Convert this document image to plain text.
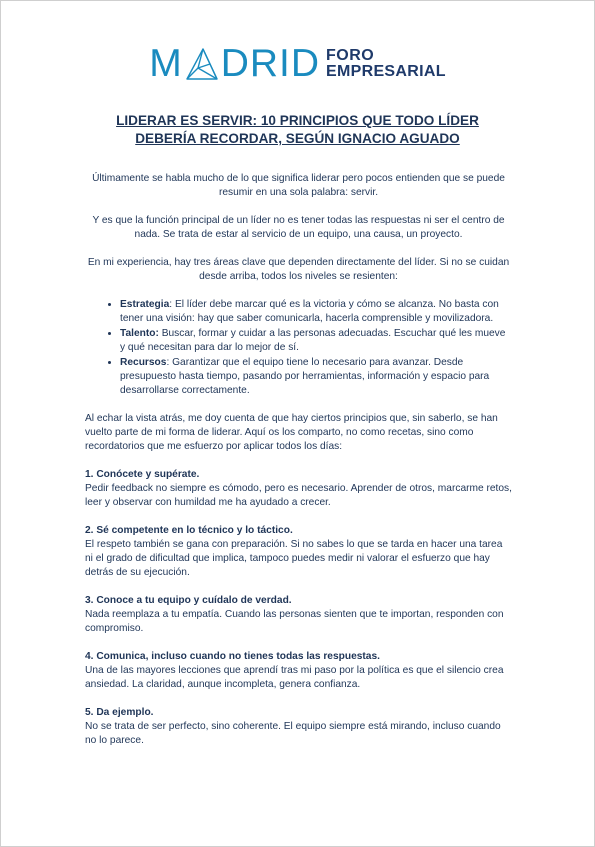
M DRID FORO
EMPRESARIAL
LIDERAR ES SERVIR: 10 PRINCIPIOS QUE TODO LÍDER DEBERÍA RECORDAR, SEGÚN IGNACIO AGUADO

Últimamente se habla mucho de lo que significa liderar pero pocos entienden que se puede resumir en una sola palabra: servir.

Y es que la función principal de un líder no es tener todas las respuestas ni ser el centro de nada. Se trata de estar al servicio de un equipo, una causa, un proyecto.

En mi experiencia, hay tres áreas clave que dependen directamente del líder. Si no se cuidan desde arriba, todos los niveles se resienten:

• Estrategia: El líder debe marcar qué es la victoria y cómo se alcanza. No basta con tener una visión: hay que saber comunicarla, hacerla comprensible y movilizadora.
• Talento: Buscar, formar y cuidar a las personas adecuadas. Escuchar qué les mueve y qué necesitan para dar lo mejor de sí.
• Recursos: Garantizar que el equipo tiene lo necesario para avanzar. Desde presupuesto hasta tiempo, pasando por herramientas, información y espacio para desarrollarse correctamente.

Al echar la vista atrás, me doy cuenta de que hay ciertos principios que, sin saberlo, se han vuelto parte de mi forma de liderar. Aquí os los comparto, no como recetas, sino como recordatorios que me esfuerzo por aplicar todos los días:

1. Conócete y supérate.
Pedir feedback no siempre es cómodo, pero es necesario. Aprender de otros, marcarme retos, leer y observar con humildad me ha ayudado a crecer.
2. Sé competente en lo técnico y lo táctico.
El respeto también se gana con preparación. Si no sabes lo que se tarda en hacer una tarea ni el grado de dificultad que implica, tampoco puedes medir ni valorar el esfuerzo que hay detrás de su ejecución.
3. Conoce a tu equipo y cuídalo de verdad.
Nada reemplaza a tu empatía. Cuando las personas sienten que te importan, responden con compromiso.
4. Comunica, incluso cuando no tienes todas las respuestas.
Una de las mayores lecciones que aprendí tras mi paso por la política es que el silencio crea ansiedad. La claridad, aunque incompleta, genera confianza.
5. Da ejemplo.
No se trata de ser perfecto, sino coherente. El equipo siempre está mirando, incluso cuando no lo parece.
